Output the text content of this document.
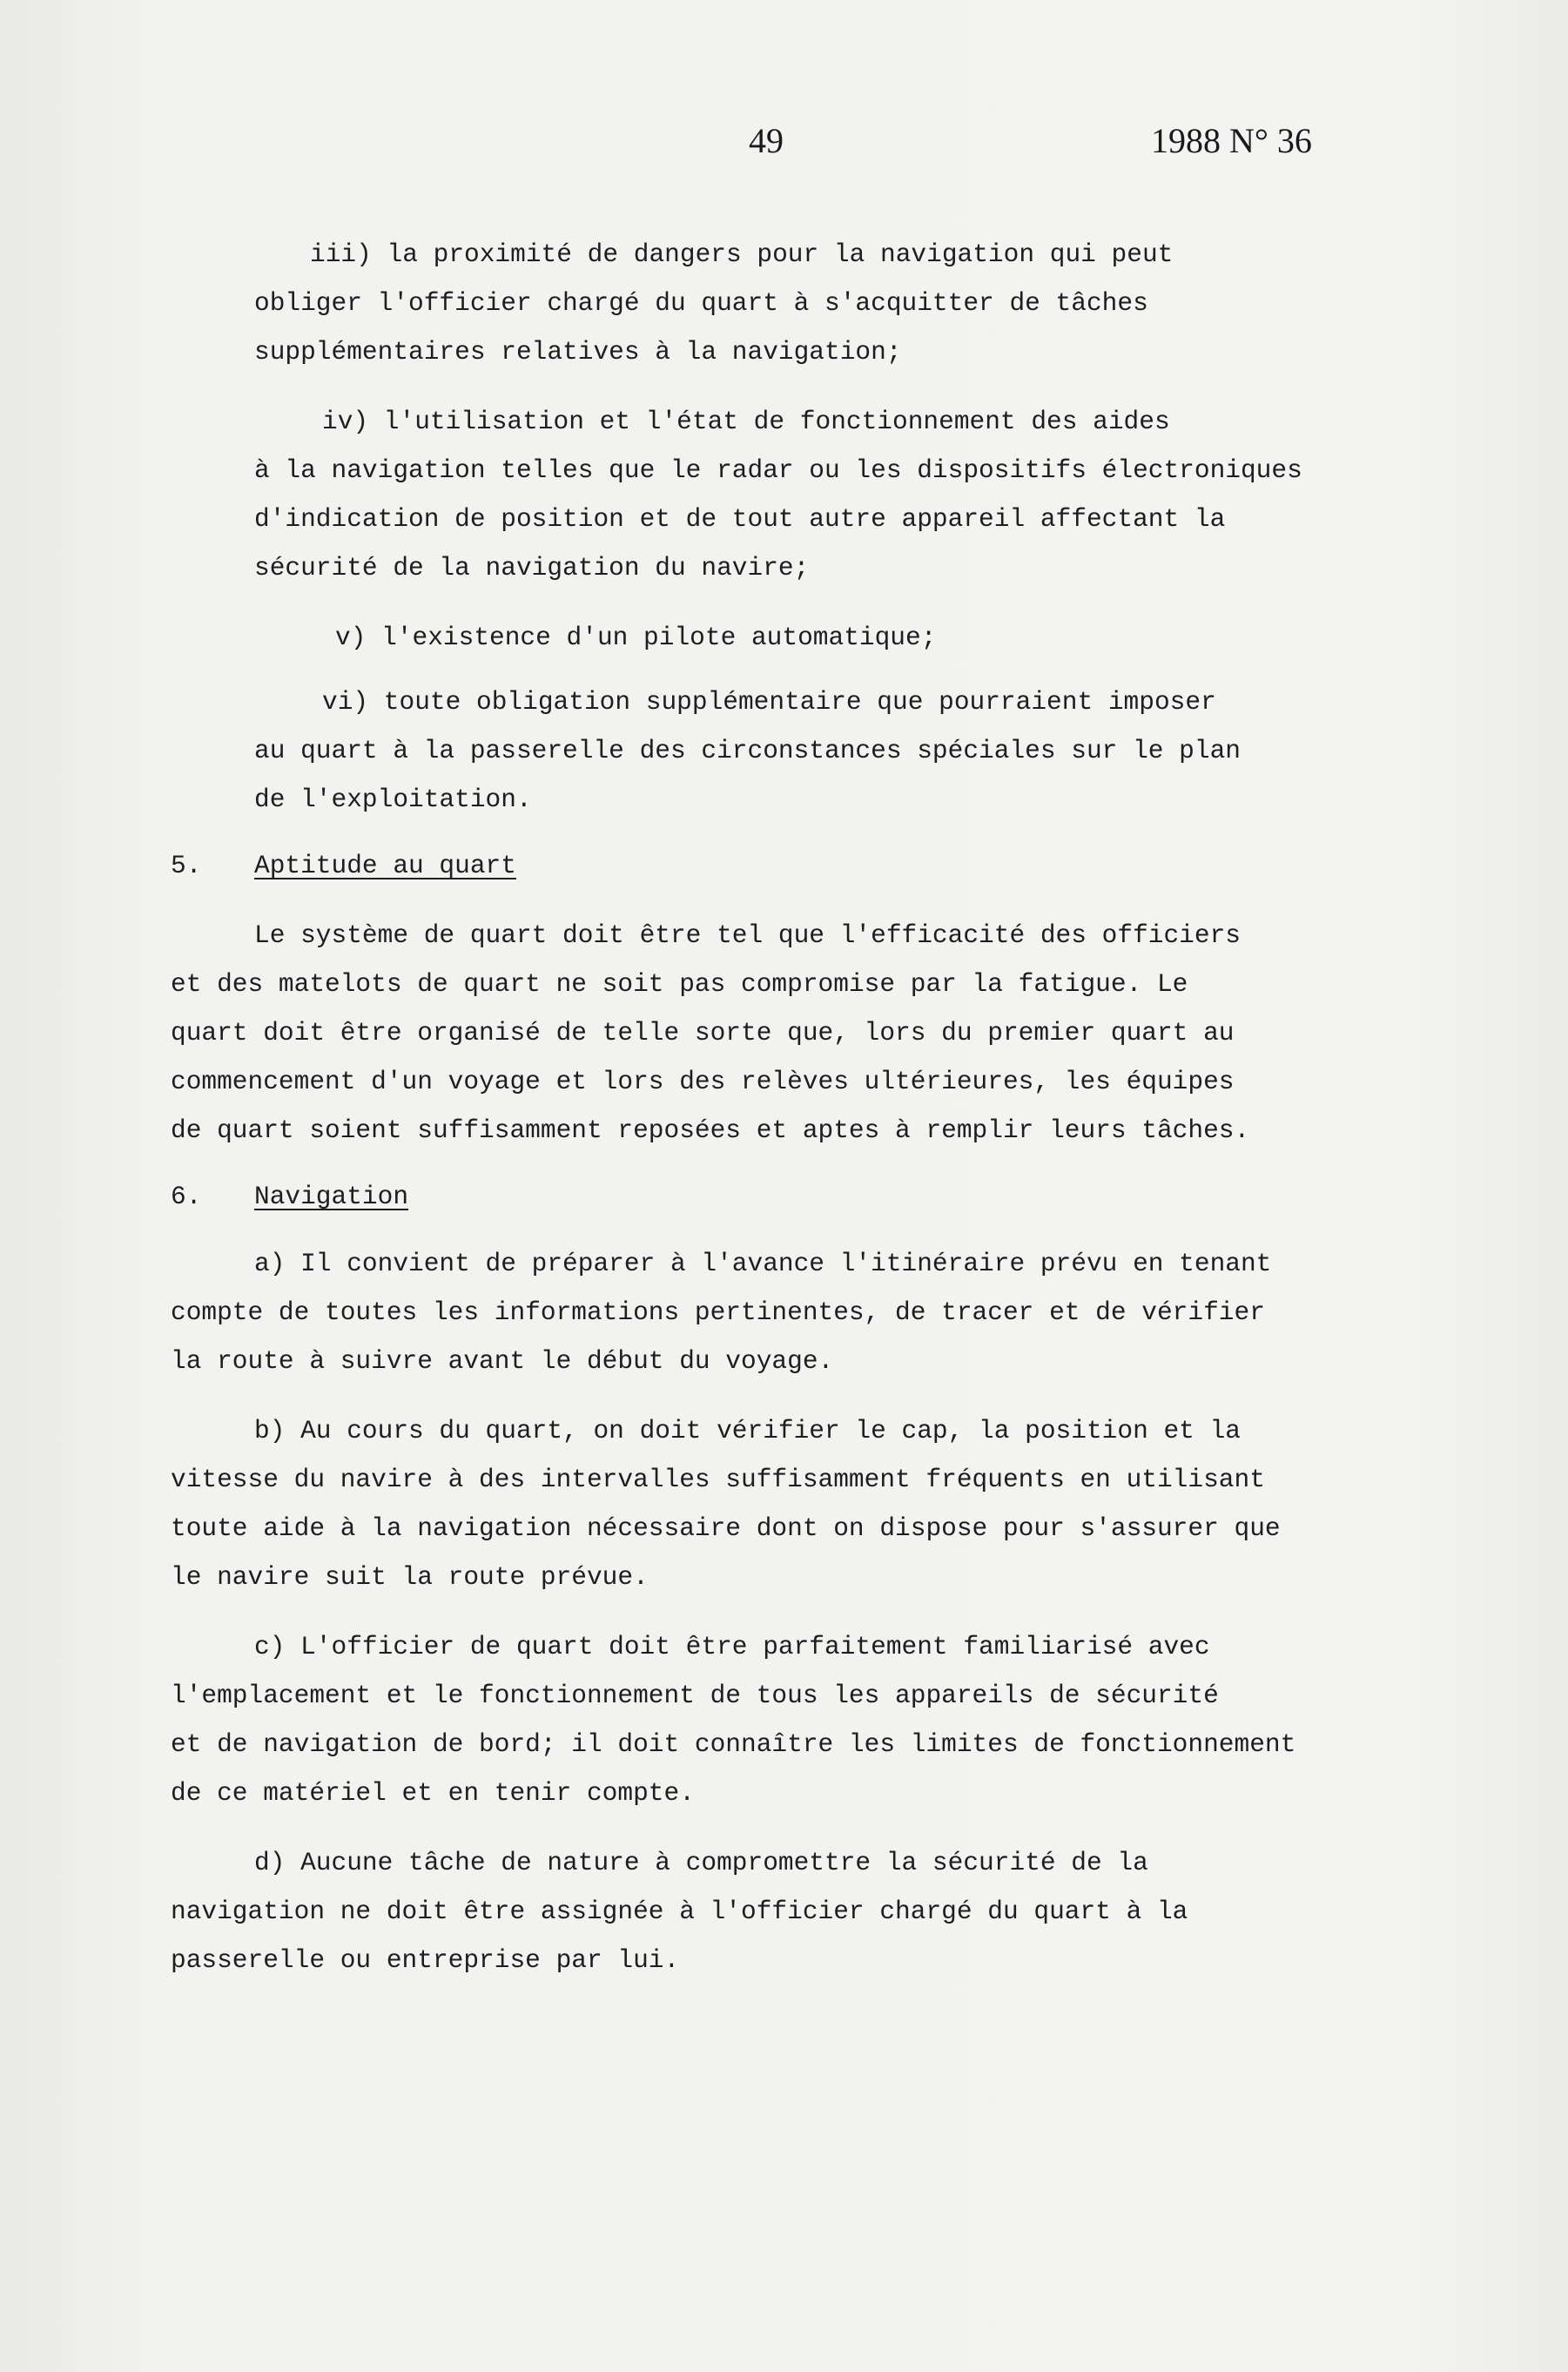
49	1988 N° 36
iii) la proximité de dangers pour la navigation qui peut
obliger l'officier chargé du quart à s'acquitter de tâches
supplémentaires relatives à la navigation;
iv) l'utilisation et l'état de fonctionnement des aides
à la navigation telles que le radar ou les dispositifs électroniques
d'indication de position et de tout autre appareil affectant la
sécurité de la navigation du navire;
v) l'existence d'un pilote automatique;
vi) toute obligation supplémentaire que pourraient imposer
au quart à la passerelle des circonstances spéciales sur le plan
de l'exploitation.
5. Aptitude au quart
Le système de quart doit être tel que l'efficacité des officiers
et des matelots de quart ne soit pas compromise par la fatigue. Le
quart doit être organisé de telle sorte que, lors du premier quart au
commencement d'un voyage et lors des relèves ultérieures, les équipes
de quart soient suffisamment reposées et aptes à remplir leurs tâches.
6. Navigation
a) Il convient de préparer à l'avance l'itinéraire prévu en tenant
compte de toutes les informations pertinentes, de tracer et de vérifier
la route à suivre avant le début du voyage.
b) Au cours du quart, on doit vérifier le cap, la position et la
vitesse du navire à des intervalles suffisamment fréquents en utilisant
toute aide à la navigation nécessaire dont on dispose pour s'assurer que
le navire suit la route prévue.
c) L'officier de quart doit être parfaitement familiarisé avec
l'emplacement et le fonctionnement de tous les appareils de sécurité
et de navigation de bord; il doit connaître les limites de fonctionnement
de ce matériel et en tenir compte.
d) Aucune tâche de nature à compromettre la sécurité de la
navigation ne doit être assignée à l'officier chargé du quart à la
passerelle ou entreprise par lui.
